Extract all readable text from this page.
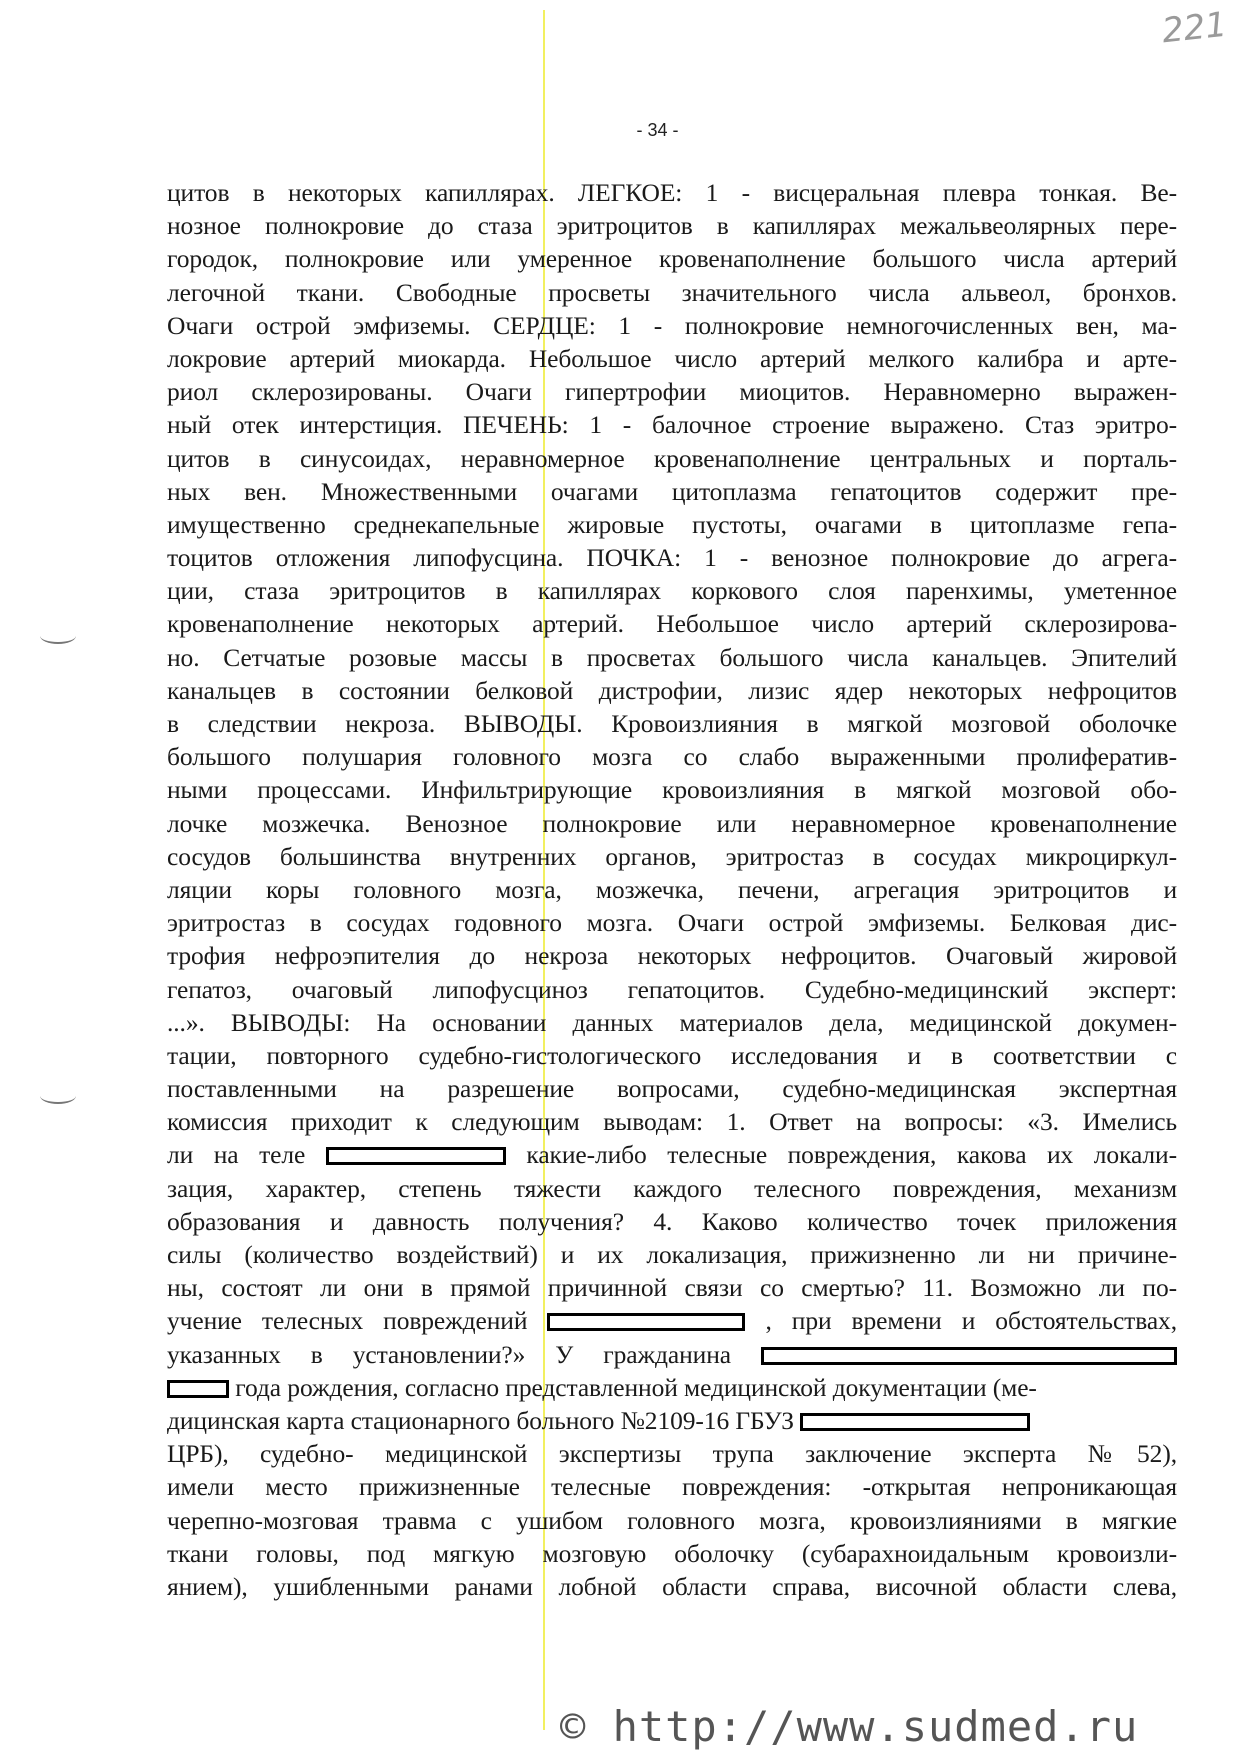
221
- 34 -
цитов в некоторых капиллярах. ЛЕГКОЕ: 1 - висцеральная плевра тонкая. Ве-
нозное полнокровие до стаза эритроцитов в капиллярах межальвеолярных пере-
городок, полнокровие или умеренное кровенаполнение большого числа артерий
легочной ткани. Свободные просветы значительного числа альвеол, бронхов.
Очаги острой эмфиземы. СЕРДЦЕ: 1 - полнокровие немногочисленных вен, ма-
локровие артерий миокарда. Небольшое число артерий мелкого калибра и арте-
риол склерозированы. Очаги гипертрофии миоцитов. Неравномерно выражен-
ный отек интерстиция. ПЕЧЕНЬ: 1 - балочное строение выражено. Стаз эритро-
цитов в синусоидах, неравномерное кровенаполнение центральных и порталь-
ных вен. Множественными очагами цитоплазма гепатоцитов содержит пре-
имущественно среднекапельные жировые пустоты, очагами в цитоплазме гепа-
тоцитов отложения липофусцина. ПОЧКА: 1 - венозное полнокровие до агрега-
ции, стаза эритроцитов в капиллярах коркового слоя паренхимы, уметенное
кровенаполнение некоторых артерий. Небольшое число артерий склерозирова-
но. Сетчатые розовые массы в просветах большого числа канальцев. Эпителий
канальцев в состоянии белковой дистрофии, лизис ядер некоторых нефроцитов
в следствии некроза. ВЫВОДЫ. Кровоизлияния в мягкой мозговой оболочке
большого полушария головного мозга со слабо выраженными пролифератив-
ными процессами. Инфильтрирующие кровоизлияния в мягкой мозговой обо-
лочке мозжечка. Венозное полнокровие или неравномерное кровенаполнение
сосудов большинства внутренних органов, эритростаз в сосудах микроциркул-
ляции коры головного мозга, мозжечка, печени, агрегация эритроцитов и
эритростаз в сосудах годовного мозга. Очаги острой эмфиземы. Белковая дис-
трофия нефроэпителия до некроза некоторых нефроцитов. Очаговый жировой
гепатоз, очаговый липофусциноз гепатоцитов. Судебно-медицинский эксперт:
...». ВЫВОДЫ: На основании данных материалов дела, медицинской докумен-
тации, повторного судебно-гистологического исследования и в соответствии с
поставленными на разрешение вопросами, судебно-медицинская экспертная
комиссия приходит к следующим выводам: 1. Ответ на вопросы: «3. Имелись
ли на теле	какие-либо телесные повреждения, какова их локали-
зация, характер, степень тяжести каждого телесного повреждения, механизм
образования и давность получения? 4. Каково количество точек приложения
силы (количество воздействий) и их локализация, прижизненно ли ни причине-
ны, состоят ли они в прямой причинной связи со смертью? 11. Возможно ли по-
учение телесных повреждений	, при времени и обстоятельствах,
указанных в установлении?» У гражданина
года рождения, согласно представленной медицинской документации (ме-
дицинская карта стационарного больного №2109-16 ГБУЗ
ЦРБ), судебно- медицинской экспертизы трупа заключение эксперта №52),
имели место прижизненные телесные повреждения: -открытая непроникающая
черепно-мозговая травма с ушибом головного мозга, кровоизлияниями в мягкие
ткани головы, под мягкую мозговую оболочку (субарахноидальным кровоизли-
янием), ушибленными ранами лобной области справа, височной области слева,
© http://www.sudmed.ru
